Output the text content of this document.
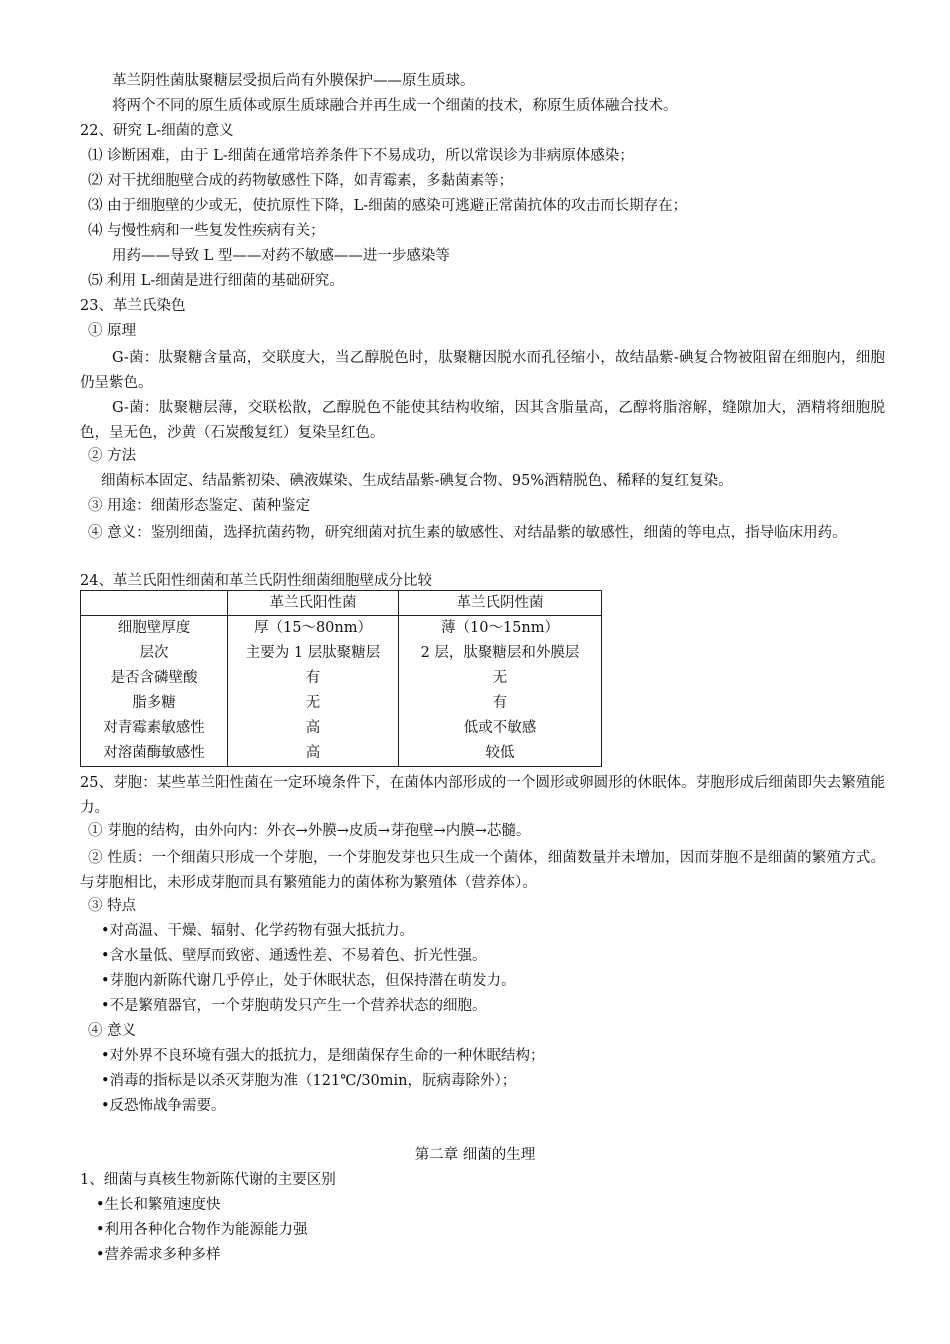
革兰阴性菌肽聚糖层受损后尚有外膜保护——原生质球。
将两个不同的原生质体或原生质球融合并再生成一个细菌的技术，称原生质体融合技术。
22、研究 L-细菌的意义
⑴ 诊断困难，由于 L-细菌在通常培养条件下不易成功，所以常误诊为非病原体感染；
⑵ 对干扰细胞壁合成的药物敏感性下降，如青霉素，多黏菌素等；
⑶ 由于细胞壁的少或无，使抗原性下降，L-细菌的感染可逃避正常菌抗体的攻击而长期存在；
⑷ 与慢性病和一些复发性疾病有关；
用药——导致 L 型——对药不敏感——进一步感染等
⑸ 利用 L-细菌是进行细菌的基础研究。
23、革兰氏染色
① 原理
G-菌：肽聚糖含量高，交联度大，当乙醇脱色时，肽聚糖因脱水而孔径缩小，故结晶紫-碘复合物被阻留在细胞内，细胞仍呈紫色。
G-菌：肽聚糖层薄，交联松散，乙醇脱色不能使其结构收缩，因其含脂量高，乙醇将脂溶解，缝隙加大，酒精将细胞脱色，呈无色，沙黄（石炭酸复红）复染呈红色。
② 方法
细菌标本固定、结晶紫初染、碘液媒染、生成结晶紫-碘复合物、95%酒精脱色、稀释的复红复染。
③ 用途：细菌形态鉴定、菌种鉴定
④ 意义：鉴别细菌，选择抗菌药物，研究细菌对抗生素的敏感性、对结晶紫的敏感性，细菌的等电点，指导临床用药。
24、革兰氏阳性细菌和革兰氏阴性细菌细胞壁成分比较
	革兰氏阳性菌	革兰氏阴性菌
细胞壁厚度	厚（15～80nm）	薄（10～15nm）
层次	主要为 1 层肽聚糖层	2 层，肽聚糖层和外膜层
是否含磷壁酸	有	无
脂多糖	无	有
对青霉素敏感性	高	低或不敏感
对溶菌酶敏感性	高	较低
25、芽胞：某些革兰阳性菌在一定环境条件下，在菌体内部形成的一个圆形或卵圆形的休眠体。芽胞形成后细菌即失去繁殖能力。
① 芽胞的结构，由外向内：外衣→外膜→皮质→芽孢壁→内膜→芯髓。
② 性质：一个细菌只形成一个芽胞，一个芽胞发芽也只生成一个菌体，细菌数量并未增加，因而芽胞不是细菌的繁殖方式。与芽胞相比，未形成芽胞而具有繁殖能力的菌体称为繁殖体（营养体）。
③ 特点
•对高温、干燥、辐射、化学药物有强大抵抗力。
•含水量低、壁厚而致密、通透性差、不易着色、折光性强。
•芽胞内新陈代谢几乎停止，处于休眠状态，但保持潜在萌发力。
•不是繁殖器官，一个芽胞萌发只产生一个营养状态的细胞。
④ 意义
•对外界不良环境有强大的抵抗力，是细菌保存生命的一种休眠结构；
•消毒的指标是以杀灭芽胞为准（121℃/30min，朊病毒除外）；
•反恐怖战争需要。
第二章 细菌的生理
1、细菌与真核生物新陈代谢的主要区别
•生长和繁殖速度快
•利用各种化合物作为能源能力强
•营养需求多种多样
